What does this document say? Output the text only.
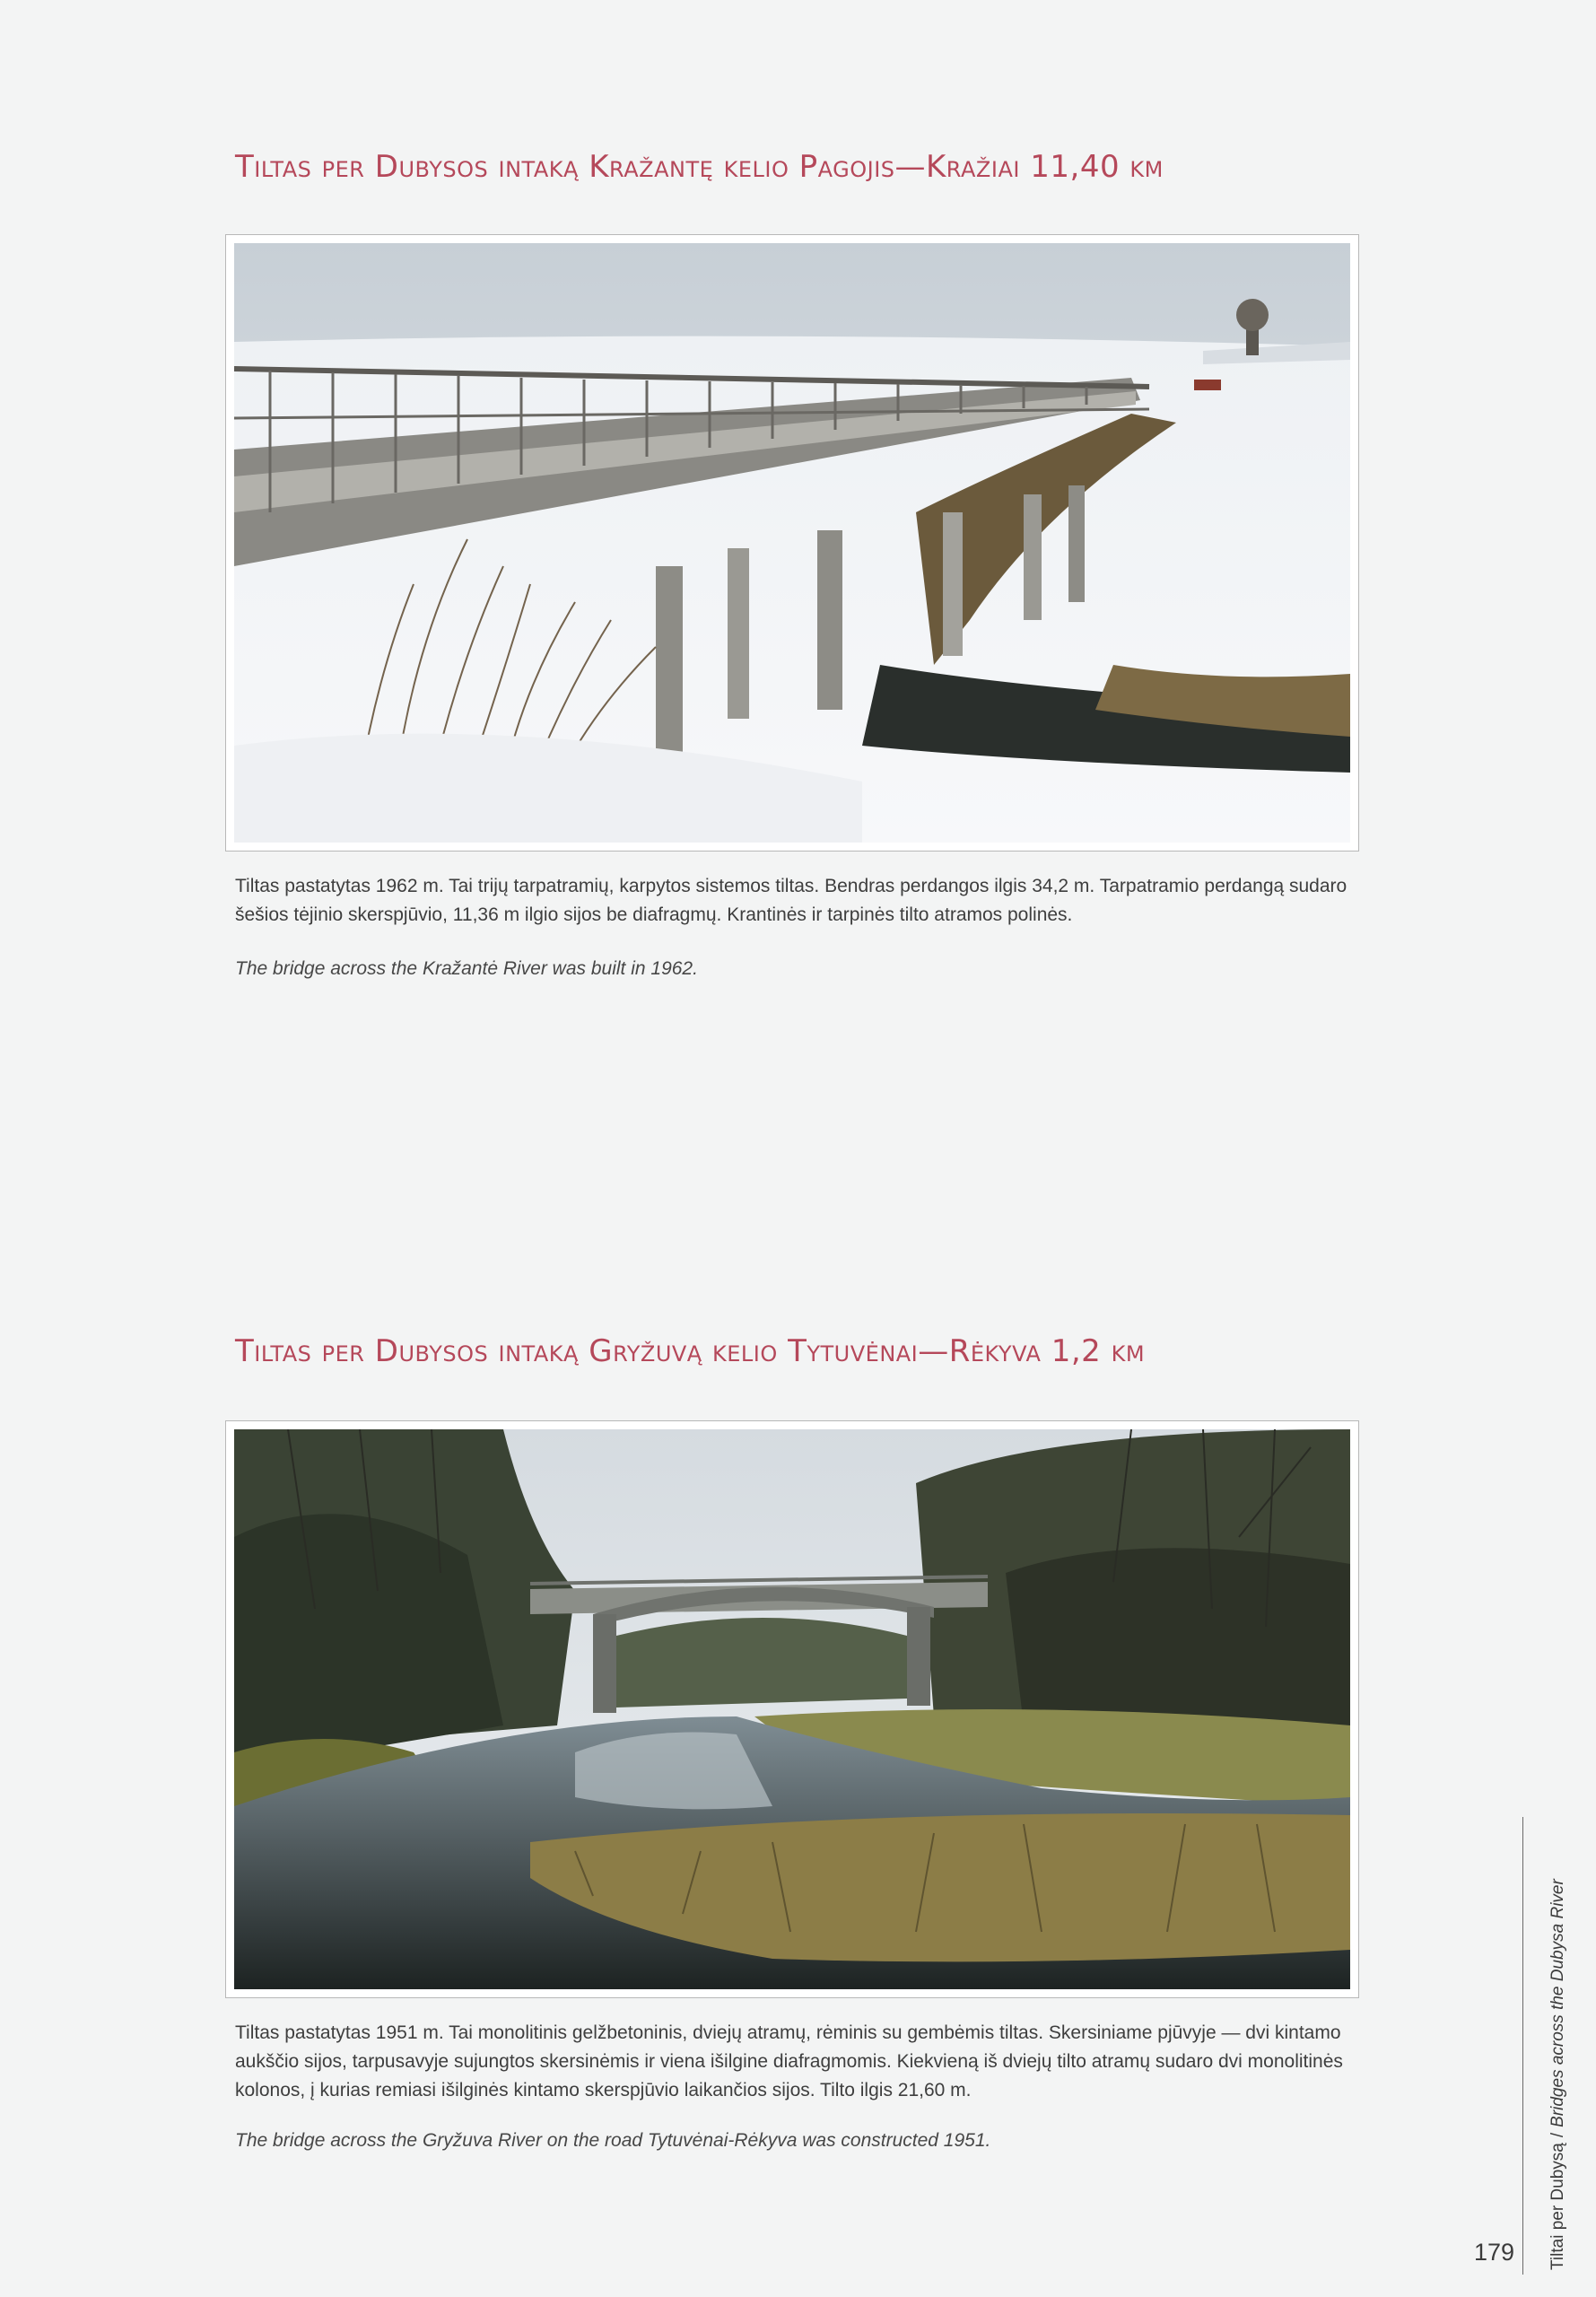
Tiltas per Dubysos intaką Kražantę kelio Pagojis—Kražiai 11,40 km

Tiltas pastatytas 1962 m. Tai trijų tarpatramių, karpytos sistemos tiltas. Bendras perdangos ilgis 34,2 m. Tarpatramio perdangą sudaro šešios tėjinio skerspjūvio, 11,36 m ilgio sijos be diafragmų. Krantinės ir tarpinės tilto atramos polinės.

The bridge across the Kražantė River was built in 1962.

Tiltas per Dubysos intaką Gryžuvą kelio Tytuvėnai—Rėkyva 1,2 km

Tiltas pastatytas 1951 m. Tai monolitinis gelžbetoninis, dviejų atramų, rėminis su gembėmis tiltas. Skersiniame pjūvyje — dvi kintamo aukščio sijos, tarpusavyje sujungtos skersinėmis ir viena išilgine diafragmomis. Kiekvieną iš dviejų tilto atramų sudaro dvi monolitinės kolonos, į kurias remiasi išilginės kintamo skerspjūvio laikančios sijos. Tilto ilgis 21,60 m.

The bridge across the Gryžuva River on the road Tytuvėnai-Rėkyva was constructed 1951.

Tiltai per Dubysą/Bridges across the Dubysa River
179
